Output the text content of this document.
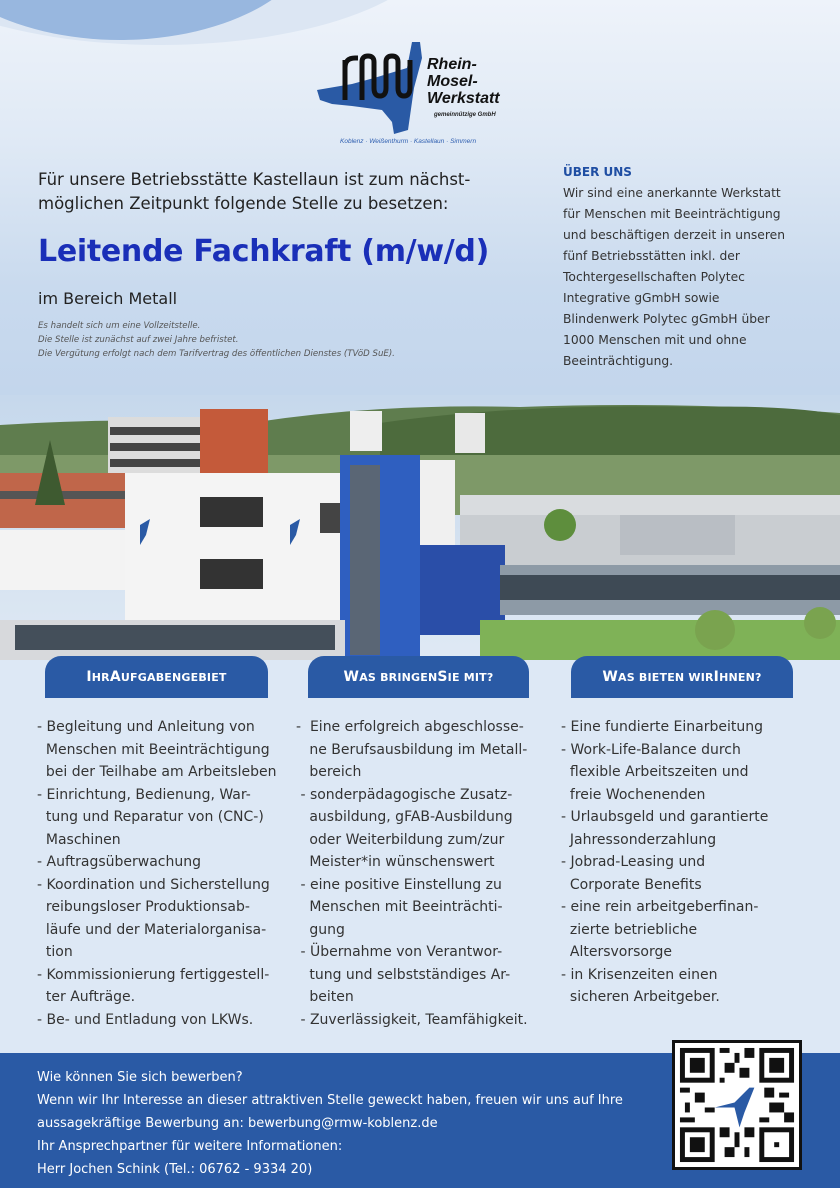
Rhein-
Mosel-
Werkstatt
gemeinnützige GmbH
Koblenz · Weißenthurm · Kastellaun · Simmern
Für unsere Betriebsstätte Kastellaun ist zum nächst-
möglichen Zeitpunkt folgende Stelle zu besetzen:
Leitende Fachkraft (m/w/d)
im Bereich Metall
Es handelt sich um eine Vollzeitstelle.
Die Stelle ist zunächst auf zwei Jahre befristet.
Die Vergütung erfolgt nach dem Tarifvertrag des öffentlichen Dienstes (TVöD SuE).
ÜBER UNS
Wir sind eine anerkannte Werkstatt
für Menschen mit Beeinträchtigung
und beschäftigen derzeit in unseren
fünf Betriebsstätten inkl. der
Tochtergesellschaften Polytec
Integrative gGmbH sowie
Blindenwerk Polytec gGmbH über
1000 Menschen mit und ohne
Beeinträchtigung.
I HR A UFGABENGEBIET	W AS BRINGEN S IE MIT?	W AS BIETEN WIR I HNEN?
- Begleitung und Anleitung von
Menschen mit Beeinträchtigung
bei der Teilhabe am Arbeitsleben
- Einrichtung, Bedienung, War-
tung und Reparatur von (CNC-)
Maschinen
- Auftragsüberwachung
- Koordination und Sicherstellung
reibungsloser Produktionsab-
läufe und der Materialorganisa-
tion
- Kommissionierung fertiggestell-
ter Aufträge.
- Be- und Entladung von LKWs.
-  Eine erfolgreich abgeschlosse-
ne Berufsausbildung im Metall-
bereich
- sonderpädagogische Zusatz-
ausbildung, gFAB-Ausbildung
oder Weiterbildung zum/zur
Meister*in wünschenswert
- eine positive Einstellung zu
Menschen mit Beeinträchti-
gung
- Übernahme von Verantwor-
tung und selbstständiges Ar-
beiten
- Zuverlässigkeit, Teamfähigkeit.
- Eine fundierte Einarbeitung
- Work-Life-Balance durch
flexible Arbeitszeiten und
freie Wochenenden
- Urlaubsgeld und garantierte
Jahressonderzahlung
- Jobrad-Leasing und
Corporate Benefits
- eine rein arbeitgeberfinan-
zierte betriebliche
Altersvorsorge
- in Krisenzeiten einen
sicheren Arbeitgeber.
Wie können Sie sich bewerben?
Wenn wir Ihr Interesse an dieser attraktiven Stelle geweckt haben, freuen wir uns auf Ihre
aussagekräftige Bewerbung an: bewerbung@rmw-koblenz.de
Ihr Ansprechpartner für weitere Informationen:
Herr Jochen Schink (Tel.: 06762 - 9334 20)
